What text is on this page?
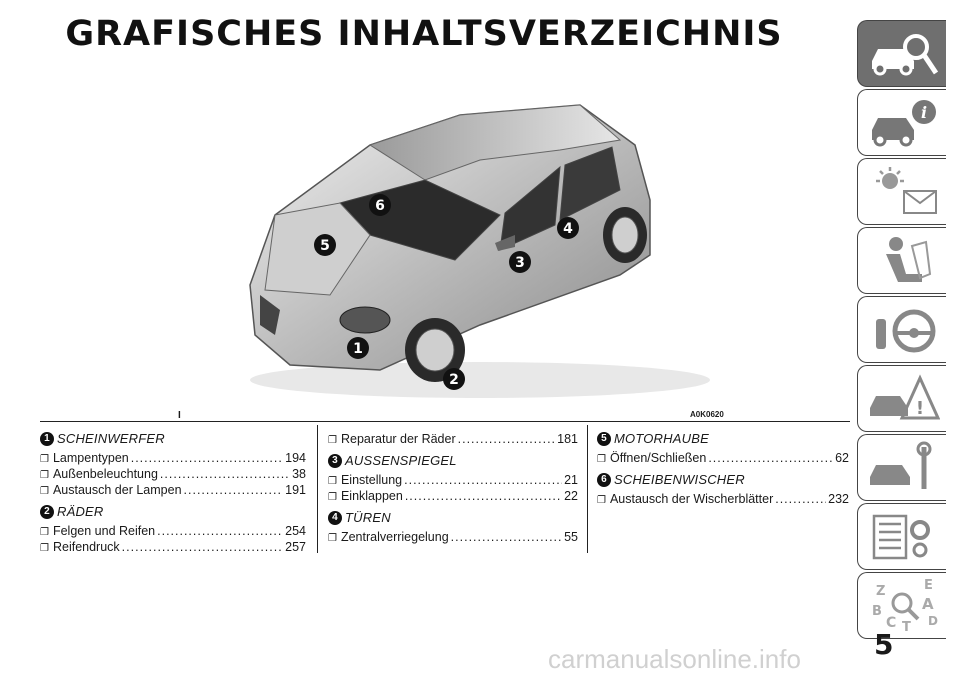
GRAFISCHES INHALTSVERZEICHNIS
6
5
4
3
1
2
I	A0K0620
1 SCHEINWERFER
❐ Lampentypen .....	194
❐ Außenbeleuchtung .....	38
❐ Austausch der Lampen .....	191
2 RÄDER
❐ Felgen und Reifen .....	254
❐ Reifendruck .....	257
❐ Reparatur der Räder .....	181
3 AUSSENSPIEGEL
❐ Einstellung .....	21
❐ Einklappen .....	22
4 TÜREN
❐ Zentralverriegelung .....	55
5 MOTORHAUBE
❐ Öffnen/Schließen .....	62
6 SCHEIBENWISCHER
❐ Austausch der Wischerblätter .....	232
i
!
Z	E
A
B
C T D
5
carmanualsonline.info
